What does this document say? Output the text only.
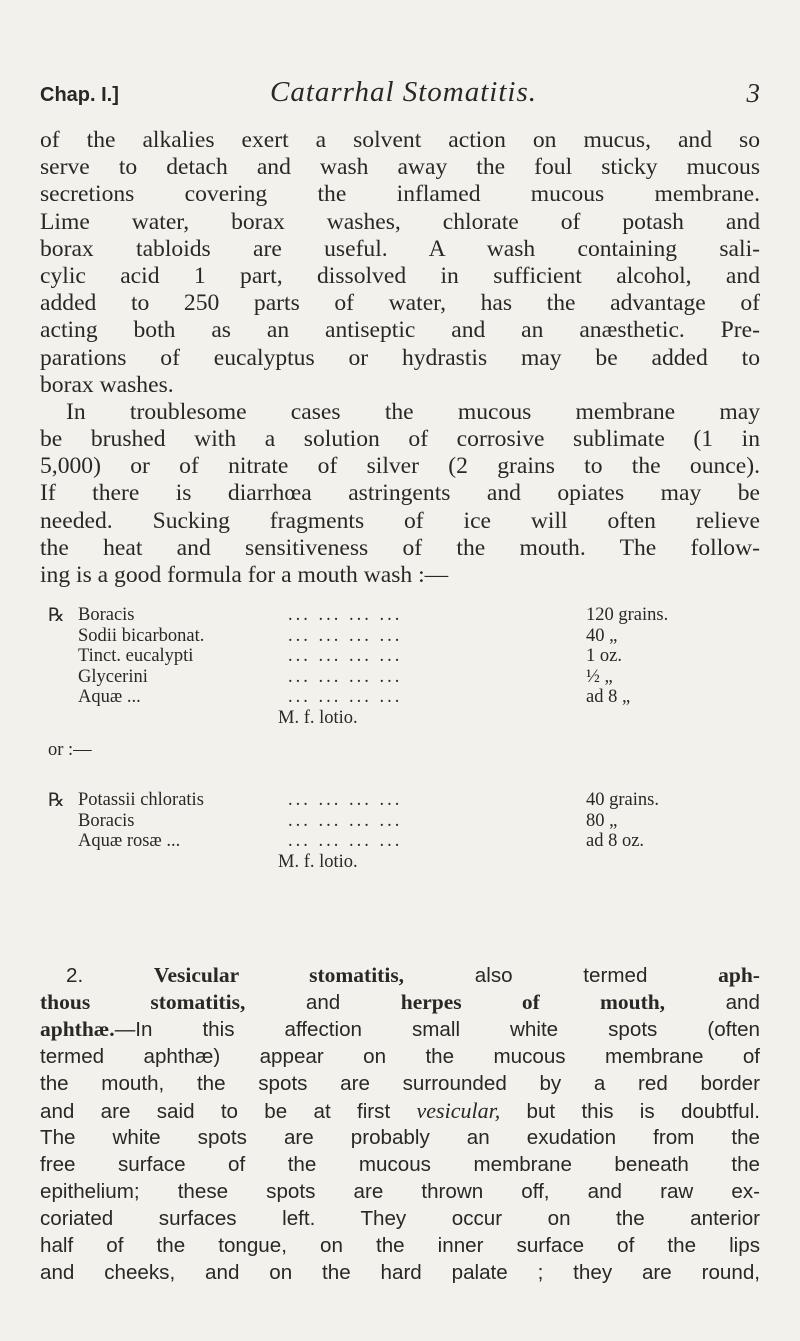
Chap. I.]	Catarrhal Stomatitis.	3
of the alkalies exert a solvent action on mucus, and so
serve to detach and wash away the foul sticky mucous
secretions covering the inflamed mucous membrane.
Lime water, borax washes, chlorate of potash and
borax tabloids are useful. A wash containing sali-
cylic acid 1 part, dissolved in sufficient alcohol, and
added to 250 parts of water, has the advantage of
acting both as an antiseptic and an anæsthetic. Pre-
parations of eucalyptus or hydrastis may be added to
borax washes.
In troublesome cases the mucous membrane may
be brushed with a solution of corrosive sublimate (1 in
5,000) or of nitrate of silver (2 grains to the ounce).
If there is diarrhœa astringents and opiates may be
needed. Sucking fragments of ice will often relieve
the heat and sensitiveness of the mouth. The follow-
ing is a good formula for a mouth wash :—
℞ Boracis	... ... ... ...	120 grains.
Sodii bicarbonat.	... ... ... ...	40 „
Tinct. eucalypti	... ... ... ...	1 oz.
Glycerini	... ... ... ...	½ „
Aquæ ...	... ... ... ...	ad 8 „
M. f. lotio.
or :—
℞ Potassii chloratis	... ... ... ...	40 grains.
Boracis	... ... ... ...	80 „
Aquæ rosæ ...	... ... ... ...	ad 8 oz.
M. f. lotio.
2.	Vesicular stomatitis,	also termed	aph-
thous stomatitis,	and	herpes of mouth,	and
aphthæ.—In this affection small white spots (often
termed aphthæ) appear on the mucous membrane of
the mouth, the spots are surrounded by a red border
and are said to be at first vesicular, but this is doubtful.
The white spots are probably an exudation from the
free surface of the mucous membrane beneath the
epithelium; these spots are thrown off, and raw ex-
coriated surfaces left. They occur on the anterior
half of the tongue, on the inner surface of the lips
and cheeks, and on the hard palate ; they are round,
